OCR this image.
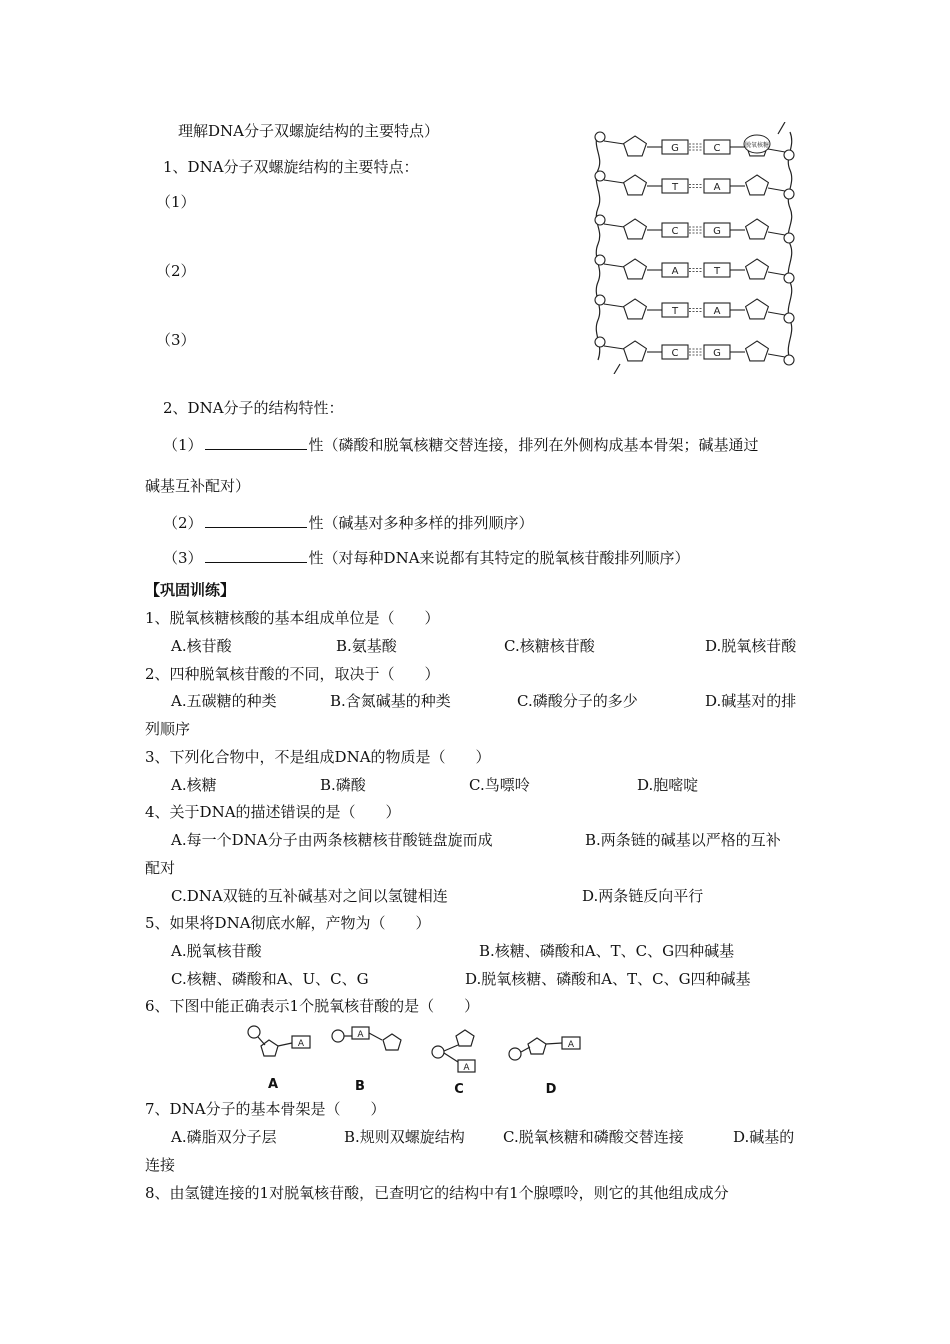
理解DNA分子双螺旋结构的主要特点）
1、DNA分子双螺旋结构的主要特点：
（1）
（2）
（3）
G	C
T	A
C	G
A	T
T	A
C	G
脱氧核糖
2、DNA分子的结构特性：
（1）	性（磷酸和脱氧核糖交替连接，排列在外侧构成基本骨架；碱基通过
碱基互补配对）
（2）	性（碱基对多种多样的排列顺序）
（3）	性（对每种DNA来说都有其特定的脱氧核苷酸排列顺序）
【巩固训练】
1、脱氧核糖核酸的基本组成单位是（　　）
A.核苷酸	B.氨基酸	C.核糖核苷酸	D.脱氧核苷酸
2、四种脱氧核苷酸的不同，取决于（　　）
A.五碳糖的种类	B.含氮碱基的种类	C.磷酸分子的多少	D.碱基对的排
列顺序
3、下列化合物中，不是组成DNA的物质是（　　）
A.核糖	B.磷酸	C.鸟嘌呤	D.胞嘧啶
4、关于DNA的描述错误的是（　　）
A.每一个DNA分子由两条核糖核苷酸链盘旋而成	B.两条链的碱基以严格的互补
配对
C.DNA双链的互补碱基对之间以氢键相连	D.两条链反向平行
5、如果将DNA彻底水解，产物为（　　）
A.脱氧核苷酸	B.核糖、磷酸和A、T、C、G四种碱基
C.核糖、磷酸和A、U、C、G	D.脱氧核糖、磷酸和A、T、C、G四种碱基
6、下图中能正确表示1个脱氧核苷酸的是（　　）
A
A
A
A
A	B	C	D
7、DNA分子的基本骨架是（　　）
A.磷脂双分子层	B.规则双螺旋结构	C.脱氧核糖和磷酸交替连接	D.碱基的
连接
8、由氢键连接的1对脱氧核苷酸，已查明它的结构中有1个腺嘌呤，则它的其他组成成分
